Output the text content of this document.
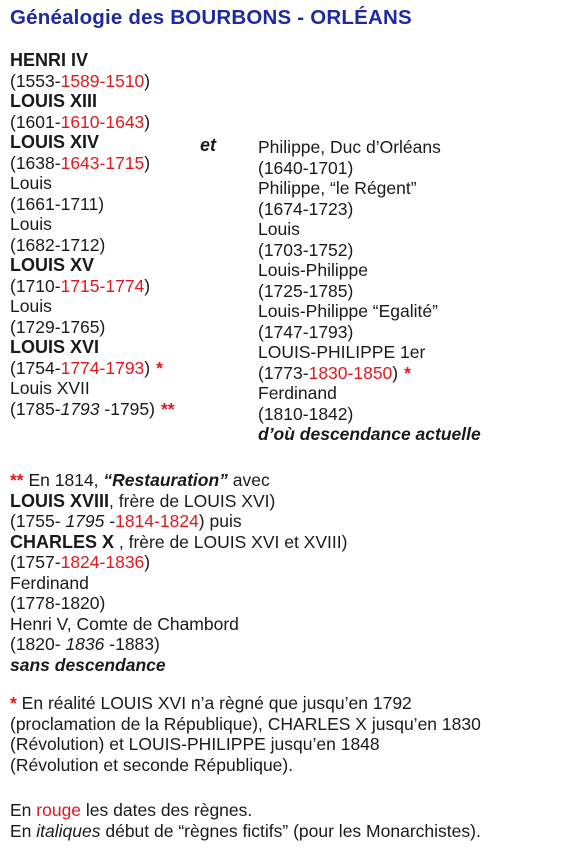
Généalogie des BOURBONS - ORLÉANS
HENRI IV
(1553-1589-1510)
LOUIS XIII
(1601-1610-1643)
LOUIS XIV
(1638-1643-1715)
Louis
(1661-1711)
Louis
(1682-1712)
LOUIS XV
(1710-1715-1774)
Louis
(1729-1765)
LOUIS XVI
(1754-1774-1793) *
Louis XVII
(1785-1793 -1795) **
et Philippe, Duc d’Orléans
(1640-1701)
Philippe, “le Régent”
(1674-1723)
Louis
(1703-1752)
Louis-Philippe
(1725-1785)
Louis-Philippe “Egalité”
(1747-1793)
LOUIS-PHILIPPE 1er
(1773-1830-1850) *
Ferdinand
(1810-1842)
d’où descendance actuelle
** En 1814, “Restauration” avec
LOUIS XVIII, frère de LOUIS XVI)
(1755- 1795 -1814-1824) puis
CHARLES X , frère de LOUIS XVI et XVIII)
(1757-1824-1836)
Ferdinand
(1778-1820)
Henri V, Comte de Chambord
(1820- 1836 -1883)
sans descendance
* En réalité LOUIS XVI n’a règné que jusqu’en 1792
(proclamation de la République), CHARLES X jusqu’en 1830
(Révolution) et LOUIS-PHILIPPE jusqu’en 1848
(Révolution et seconde République).
En rouge les dates des règnes.
En italiques début de “règnes fictifs” (pour les Monarchistes).
